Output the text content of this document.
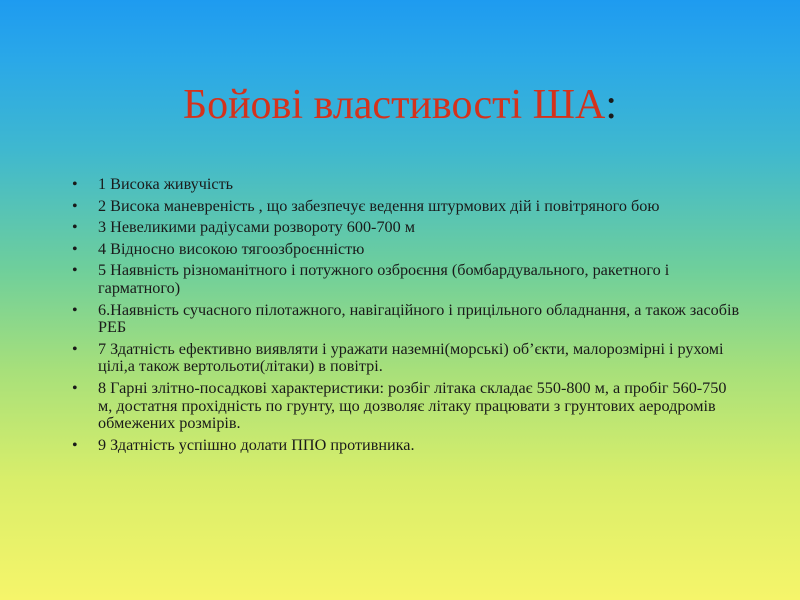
Бойові властивості ША:
• 1 Висока живучість
• 2 Висока маневреність , що забезпечує ведення штурмових дій і повітряного бою
• 3 Невеликими радіусами розвороту 600-700 м
• 4 Відносно високою тягоозброєнністю
• 5 Наявність різноманітного і потужного озброєння (бомбардувального, ракетного і гарматного)
• 6.Наявність сучасного пілотажного, навігаційного і прицільного обладнання, а також засобів РЕБ
• 7 Здатність ефективно виявляти і уражати наземні(морські) об’єкти, малорозмірні і рухомі цілі,а також вертольоти(літаки) в повітрі.
• 8 Гарні злітно-посадкові характеристики: розбіг літака складає 550-800 м, а пробіг 560-750 м, достатня прохідність по грунту, що дозволяє літаку працювати з грунтових аеродромів обмежених розмірів.
• 9 Здатність успішно долати ППО противника.
